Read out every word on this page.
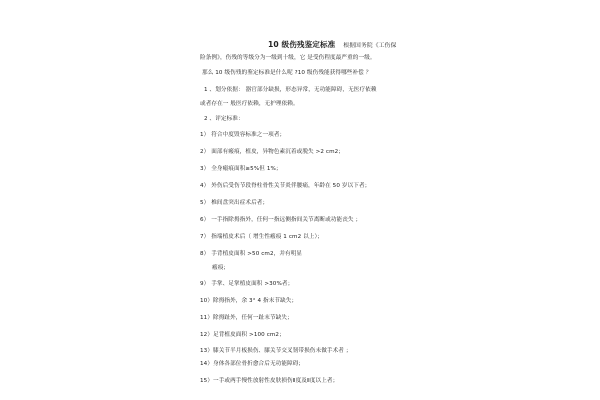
10 级伤残鉴定标准 根据国务院《工伤保
险条例》，伤残的等级分为一级到十级，它 是受伤程度最严重的一级。
那么 10 级伤残的鉴定标准是什么呢 ?10 级伤残能获得哪些补偿 ？
1 、划分依据： 器官部分缺损，形态异常，无功能障碍，无医疗依赖
或者存在一 般医疗依赖，无护理依赖。
2 、评定标准：
1） 符合中度毁容标准之一项者；
2） 面部有瘢痕，植皮，异物色素沉着或脱失 >2 cm2；
3） 全身瘢痕面积≥5%但 1%；
4） 外伤后受伤节段脊柱骨性关节炎伴腰痛，年龄在 50 岁以下者；
5） 椎间盘突出症术后者；
6） 一手指除拇指外，任何一指远侧指间关节离断或功能丧失 ；
7） 指端植皮术后（ 增生性瘢痕 1 cm2 以上）；
8） 手背植皮面积 >50 cm2，并有明显
瘢痕；
9） 手掌、足掌植皮面积 >30%者；
10）除拇指外，余 3° 4 指末节缺失；
11）除拇趾外，任何一趾末节缺失；
12）足背植皮面积 >100 cm2；
13）膝关节半月板损伤、膝关节交叉韧带损伤未做手术者 ；
14）身体各部位骨折愈合后无功能障碍；
15）一手或两手慢性放射性皮肤损伤Ⅱ度及Ⅱ度以上者；
